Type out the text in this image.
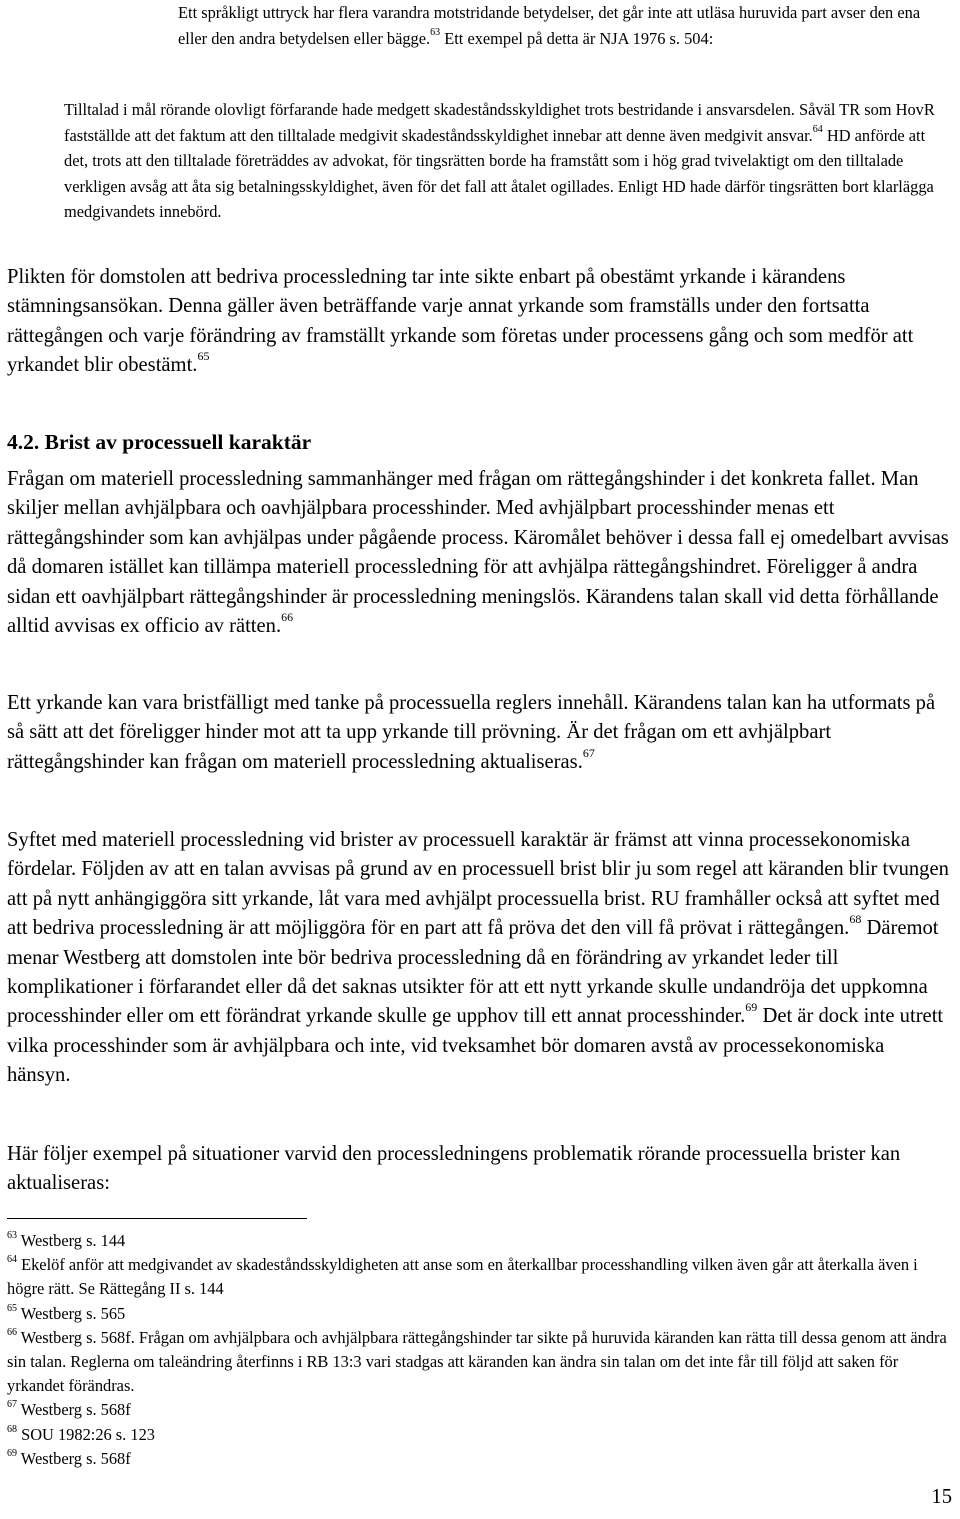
Ett språkligt uttryck har flera varandra motstridande betydelser, det går inte att utläsa huruvida part avser den ena eller den andra betydelsen eller bägge.$^{63}$ Ett exempel på detta är NJA 1976 s. 504:
Tilltalad i mål rörande olovligt förfarande hade medgett skadeståndsskyldighet trots bestridande i ansvarsdelen. Såväl TR som HovR fastställde att det faktum att den tilltalade medgivit skadeståndsskyldighet innebar att denne även medgivit ansvar.$^{64}$ HD anförde att det, trots att den tilltalade företräddes av advokat, för tingsrätten borde ha framstått som i hög grad tvivelaktigt om den tilltalade verkligen avsåg att åta sig betalningsskyldighet, även för det fall att åtalet ogillades. Enligt HD hade därför tingsrätten bort klarlägga medgivandets innebörd.
Plikten för domstolen att bedriva processledning tar inte sikte enbart på obestämt yrkande i kärandens stämningsansökan. Denna gäller även beträffande varje annat yrkande som framställs under den fortsatta rättegången och varje förändring av framställt yrkande som företas under processens gång och som medför att yrkandet blir obestämt.$^{65}$
4.2. Brist av processuell karaktär
Frågan om materiell processledning sammanhänger med frågan om rättegångshinder i det konkreta fallet. Man skiljer mellan avhjälpbara och oavhjälpbara processhinder. Med avhjälpbart processhinder menas ett rättegångshinder som kan avhjälpas under pågående process. Käromålet behöver i dessa fall ej omedelbart avvisas då domaren istället kan tillämpa materiell processledning för att avhjälpa rättegångshindret. Föreligger å andra sidan ett oavhjälpbart rättegångshinder är processledning meningslös. Kärandens talan skall vid detta förhållande alltid avvisas ex officio av rätten.$^{66}$
Ett yrkande kan vara bristfälligt med tanke på processuella reglers innehåll. Kärandens talan kan ha utformats på så sätt att det föreligger hinder mot att ta upp yrkande till prövning. Är det frågan om ett avhjälpbart rättegångshinder kan frågan om materiell processledning aktualiseras.$^{67}$
Syftet med materiell processledning vid brister av processuell karaktär är främst att vinna processekonomiska fördelar. Följden av att en talan avvisas på grund av en processuell brist blir ju som regel att käranden blir tvungen att på nytt anhängiggöra sitt yrkande, låt vara med avhjälpt processuella brist. RU framhåller också att syftet med att bedriva processledning är att möjliggöra för en part att få pröva det den vill få prövat i rättegången.$^{68}$ Däremot menar Westberg att domstolen inte bör bedriva processledning då en förändring av yrkandet leder till komplikationer i förfarandet eller då det saknas utsikter för att ett nytt yrkande skulle undandröja det uppkomna processhinder eller om ett förändrat yrkande skulle ge upphov till ett annat processhinder.$^{69}$ Det är dock inte utrett vilka processhinder som är avhjälpbara och inte, vid tveksamhet bör domaren avstå av processekonomiska hänsyn.
Här följer exempel på situationer varvid den processledningens problematik rörande processuella brister kan aktualiseras:
$^{63}$ Westberg s. 144
$^{64}$ Ekelöf anför att medgivandet av skadeståndsskyldigheten att anse som en återkallbar processhandling vilken även går att återkalla även i högre rätt. Se Rättegång II s. 144
$^{65}$ Westberg s. 565
$^{66}$ Westberg s. 568f. Frågan om avhjälpbara och avhjälpbara rättegångshinder tar sikte på huruvida käranden kan rätta till dessa genom att ändra sin talan. Reglerna om taleändring återfinns i RB 13:3 vari stadgas att käranden kan ändra sin talan om det inte får till följd att saken för yrkandet förändras.
$^{67}$ Westberg s. 568f
$^{68}$ SOU 1982:26 s. 123
$^{69}$ Westberg s. 568f
15
